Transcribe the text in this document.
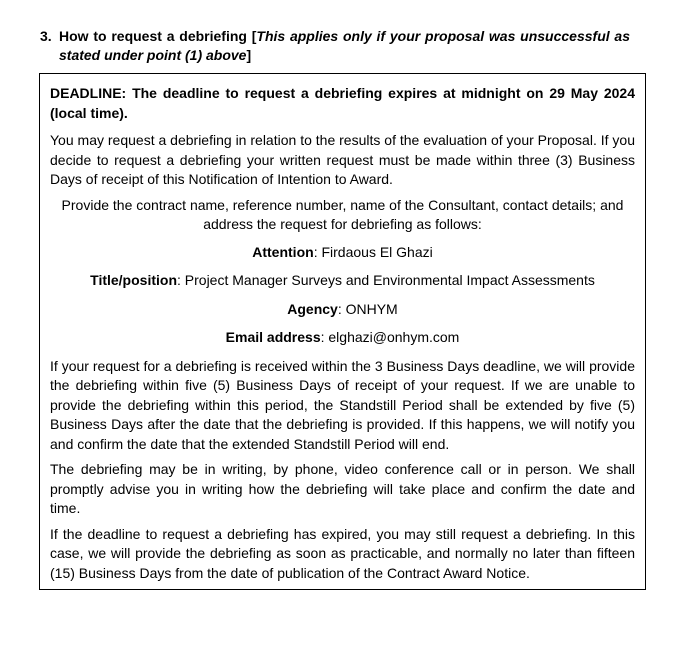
3. How to request a debriefing [This applies only if your proposal was unsuccessful as stated under point (1) above]

DEADLINE: The deadline to request a debriefing expires at midnight on 29 May 2024 (local time).

You may request a debriefing in relation to the results of the evaluation of your Proposal. If you decide to request a debriefing your written request must be made within three (3) Business Days of receipt of this Notification of Intention to Award.

Provide the contract name, reference number, name of the Consultant, contact details; and address the request for debriefing as follows:

Attention: Firdaous El Ghazi

Title/position: Project Manager Surveys and Environmental Impact Assessments

Agency: ONHYM

Email address: elghazi@onhym.com

If your request for a debriefing is received within the 3 Business Days deadline, we will provide the debriefing within five (5) Business Days of receipt of your request. If we are unable to provide the debriefing within this period, the Standstill Period shall be extended by five (5) Business Days after the date that the debriefing is provided. If this happens, we will notify you and confirm the date that the extended Standstill Period will end.

The debriefing may be in writing, by phone, video conference call or in person. We shall promptly advise you in writing how the debriefing will take place and confirm the date and time.

If the deadline to request a debriefing has expired, you may still request a debriefing. In this case, we will provide the debriefing as soon as practicable, and normally no later than fifteen (15) Business Days from the date of publication of the Contract Award Notice.
